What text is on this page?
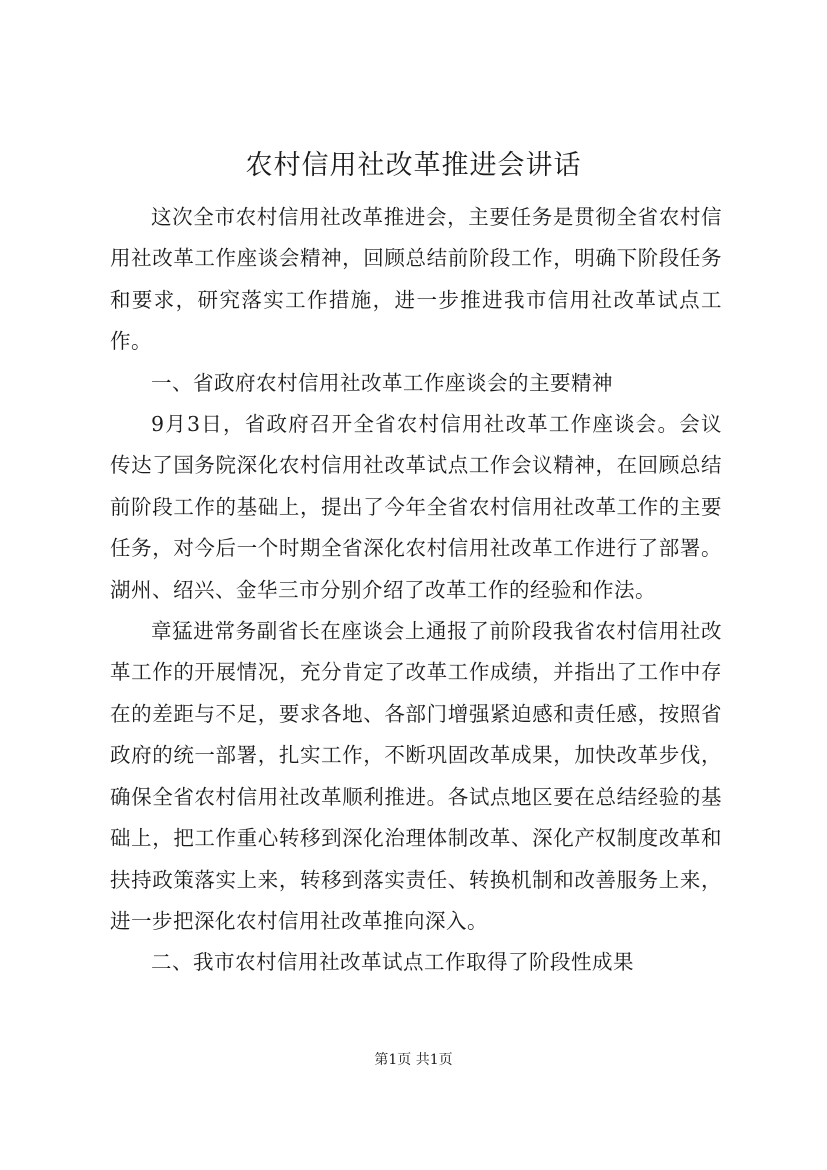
农村信用社改革推进会讲话

这次全市农村信用社改革推进会，主要任务是贯彻全省农村信用社改革工作座谈会精神，回顾总结前阶段工作，明确下阶段任务和要求，研究落实工作措施，进一步推进我市信用社改革试点工作。

一、省政府农村信用社改革工作座谈会的主要精神

9月3日，省政府召开全省农村信用社改革工作座谈会。会议传达了国务院深化农村信用社改革试点工作会议精神，在回顾总结前阶段工作的基础上，提出了今年全省农村信用社改革工作的主要任务，对今后一个时期全省深化农村信用社改革工作进行了部署。湖州、绍兴、金华三市分别介绍了改革工作的经验和作法。

章猛进常务副省长在座谈会上通报了前阶段我省农村信用社改革工作的开展情况，充分肯定了改革工作成绩，并指出了工作中存在的差距与不足，要求各地、各部门增强紧迫感和责任感，按照省政府的统一部署，扎实工作，不断巩固改革成果，加快改革步伐，确保全省农村信用社改革顺利推进。各试点地区要在总结经验的基础上，把工作重心转移到深化治理体制改革、深化产权制度改革和扶持政策落实上来，转移到落实责任、转换机制和改善服务上来，进一步把深化农村信用社改革推向深入。

二、我市农村信用社改革试点工作取得了阶段性成果

第1页 共1页
